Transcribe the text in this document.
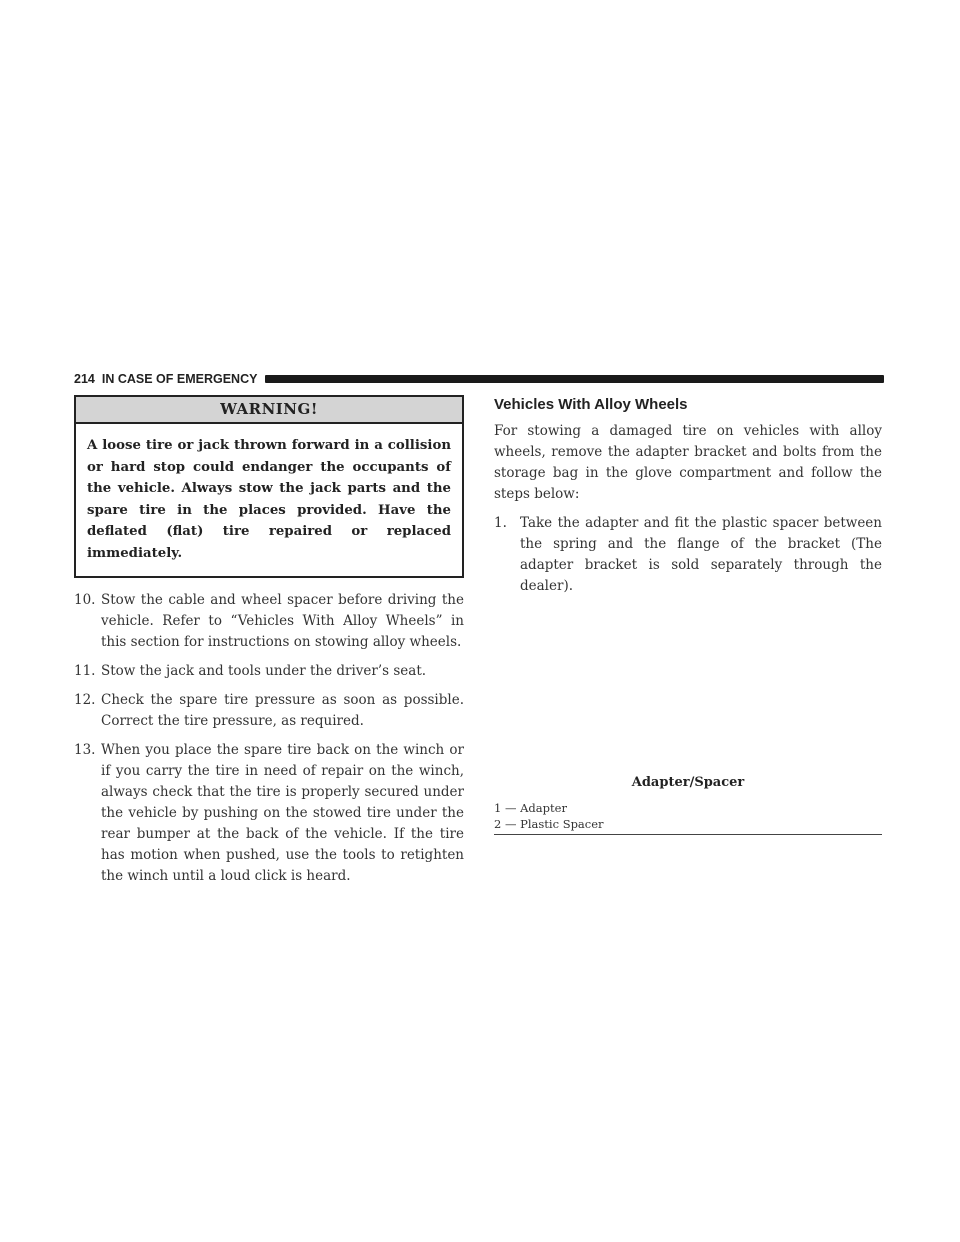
214 IN CASE OF EMERGENCY
WARNING!
A loose tire or jack thrown forward in a collision or hard stop could endanger the occupants of the vehicle. Always stow the jack parts and the spare tire in the places provided. Have the deflated (flat) tire repaired or replaced immediately.
10. Stow the cable and wheel spacer before driving the vehicle. Refer to “Vehicles With Alloy Wheels” in this section for instructions on stowing alloy wheels.
11. Stow the jack and tools under the driver’s seat.
12. Check the spare tire pressure as soon as possible. Correct the tire pressure, as required.
13. When you place the spare tire back on the winch or if you carry the tire in need of repair on the winch, always check that the tire is properly secured under the vehicle by pushing on the stowed tire under the rear bumper at the back of the vehicle. If the tire has motion when pushed, use the tools to retighten the winch until a loud click is heard.
Vehicles With Alloy Wheels

For stowing a damaged tire on vehicles with alloy wheels, remove the adapter bracket and bolts from the storage bag in the glove compartment and follow the steps below:

1. Take the adapter and fit the plastic spacer between the spring and the flange of the bracket (The adapter bracket is sold separately through the dealer).
Adapter/Spacer
1 — Adapter
2 — Plastic Spacer
